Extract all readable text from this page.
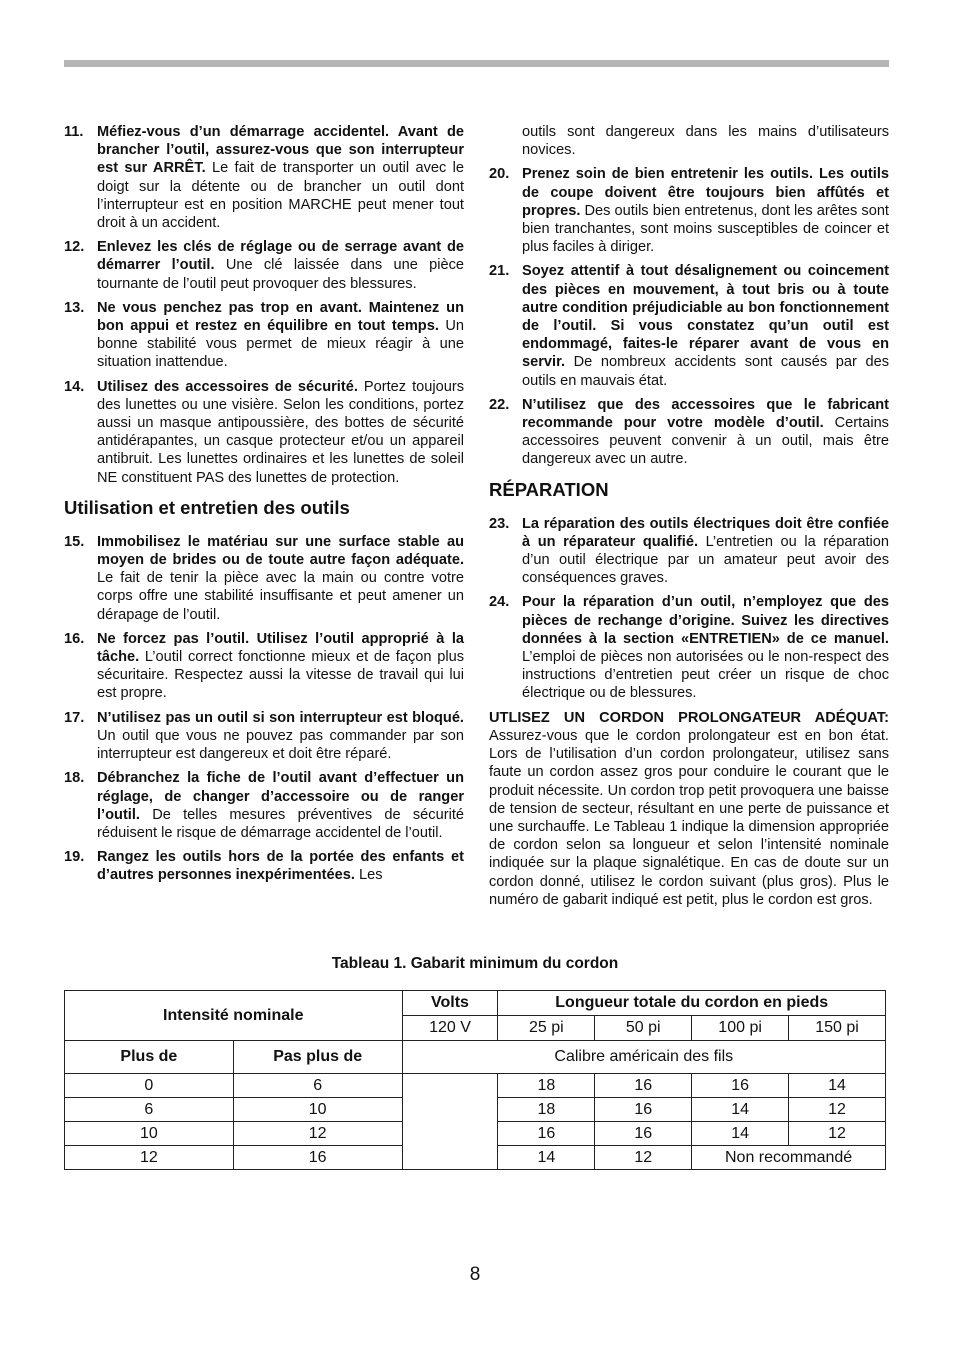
11. Méfiez-vous d’un démarrage accidentel. Avant de brancher l’outil, assurez-vous que son interrupteur est sur ARRÊT. Le fait de transporter un outil avec le doigt sur la détente ou de brancher un outil dont l’interrupteur est en position MARCHE peut mener tout droit à un accident.
12. Enlevez les clés de réglage ou de serrage avant de démarrer l’outil. Une clé laissée dans une pièce tournante de l’outil peut provoquer des blessures.
13. Ne vous penchez pas trop en avant. Maintenez un bon appui et restez en équilibre en tout temps. Un bonne stabilité vous permet de mieux réagir à une situation inattendue.
14. Utilisez des accessoires de sécurité. Portez toujours des lunettes ou une visière. Selon les conditions, portez aussi un masque antipoussière, des bottes de sécurité antidérapantes, un casque protecteur et/ou un appareil antibruit. Les lunettes ordinaires et les lunettes de soleil NE constituent PAS des lunettes de protection.
Utilisation et entretien des outils
15. Immobilisez le matériau sur une surface stable au moyen de brides ou de toute autre façon adéquate. Le fait de tenir la pièce avec la main ou contre votre corps offre une stabilité insuffisante et peut amener un dérapage de l’outil.
16. Ne forcez pas l’outil. Utilisez l’outil approprié à la tâche. L’outil correct fonctionne mieux et de façon plus sécuritaire. Respectez aussi la vitesse de travail qui lui est propre.
17. N’utilisez pas un outil si son interrupteur est bloqué. Un outil que vous ne pouvez pas commander par son interrupteur est dangereux et doit être réparé.
18. Débranchez la fiche de l’outil avant d’effectuer un réglage, de changer d’accessoire ou de ranger l’outil. De telles mesures préventives de sécurité réduisent le risque de démarrage accidentel de l’outil.
19. Rangez les outils hors de la portée des enfants et d’autres personnes inexpérimentées. Les
outils sont dangereux dans les mains d’utilisateurs novices.
20. Prenez soin de bien entretenir les outils. Les outils de coupe doivent être toujours bien affûtés et propres. Des outils bien entretenus, dont les arêtes sont bien tranchantes, sont moins susceptibles de coincer et plus faciles à diriger.
21. Soyez attentif à tout désalignement ou coincement des pièces en mouvement, à tout bris ou à toute autre condition préjudiciable au bon fonctionnement de l’outil. Si vous constatez qu’un outil est endommagé, faites-le réparer avant de vous en servir. De nombreux accidents sont causés par des outils en mauvais état.
22. N’utilisez que des accessoires que le fabricant recommande pour votre modèle d’outil. Certains accessoires peuvent convenir à un outil, mais être dangereux avec un autre.
RÉPARATION
23. La réparation des outils électriques doit être confiée à un réparateur qualifié. L’entretien ou la réparation d’un outil électrique par un amateur peut avoir des conséquences graves.
24. Pour la réparation d’un outil, n’employez que des pièces de rechange d’origine. Suivez les directives données à la section «ENTRETIEN» de ce manuel. L’emploi de pièces non autorisées ou le non-respect des instructions d’entretien peut créer un risque de choc électrique ou de blessures.
UTLISEZ UN CORDON PROLONGATEUR ADÉQUAT: Assurez-vous que le cordon prolongateur est en bon état. Lors de l’utilisation d’un cordon prolongateur, utilisez sans faute un cordon assez gros pour conduire le courant que le produit nécessite. Un cordon trop petit provoquera une baisse de tension de secteur, résultant en une perte de puissance et une surchauffe. Le Tableau 1 indique la dimension appropriée de cordon selon sa longueur et selon l’intensité nominale indiquée sur la plaque signalétique. En cas de doute sur un cordon donné, utilisez le cordon suivant (plus gros). Plus le numéro de gabarit indiqué est petit, plus le cordon est gros.
Tableau 1. Gabarit minimum du cordon
Intensité nominale		Volts	Longueur totale du cordon en pieds			
		120 V	25 pi	50 pi	100 pi	150 pi
Plus de	Pas plus de	Calibre américain des fils				
0	6		18	16	16	14
6	10		18	16	14	12
10	12		16	16	14	12
12	16		14	12	Non recommandé	
8
